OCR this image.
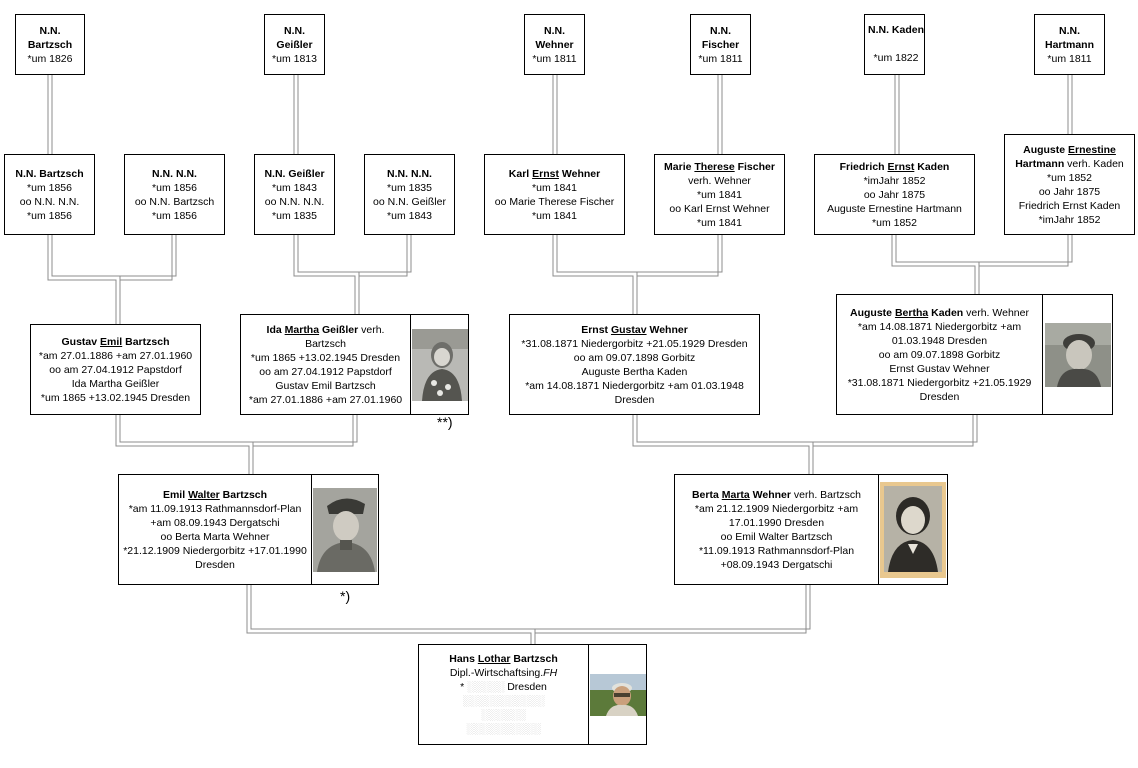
N.N.
Bartzsch
*um 1826
N.N.
Geißler
*um 1813
N.N.
Wehner
*um 1811
N.N.
Fischer
*um 1811
N.N. Kaden
*um 1822
N.N.
Hartmann
*um 1811
N.N. Bartzsch
*um 1856
oo N.N. N.N.
*um 1856
N.N. N.N.
*um 1856
oo N.N. Bartzsch
*um 1856
N.N. Geißler
*um 1843
oo N.N. N.N.
*um 1835
N.N. N.N.
*um 1835
oo N.N. Geißler
*um 1843
Karl Ernst Wehner
*um 1841
oo Marie Therese Fischer
*um 1841
Marie Therese Fischer
verh. Wehner
*um 1841
oo Karl Ernst Wehner
*um 1841
Friedrich Ernst Kaden
*imJahr 1852
oo Jahr 1875
Auguste Ernestine Hartmann
*um 1852
Auguste Ernestine
Hartmann verh. Kaden
*um 1852
oo Jahr 1875
Friedrich Ernst Kaden
*imJahr 1852
Gustav Emil Bartzsch
*am 27.01.1886 +am 27.01.1960
oo am 27.04.1912 Papstdorf
Ida Martha Geißler
*um 1865 +13.02.1945 Dresden
Ida Martha Geißler verh.
Bartzsch
*um 1865 +13.02.1945 Dresden
oo am 27.04.1912 Papstdorf
Gustav Emil Bartzsch
*am 27.01.1886 +am 27.01.1960
**)
Ernst Gustav Wehner
*31.08.1871 Niedergorbitz +21.05.1929 Dresden
oo am 09.07.1898 Gorbitz
Auguste Bertha Kaden
*am 14.08.1871 Niedergorbitz +am 01.03.1948
Dresden
Auguste Bertha Kaden verh. Wehner
*am 14.08.1871 Niedergorbitz +am
01.03.1948 Dresden
oo am 09.07.1898 Gorbitz
Ernst Gustav Wehner
*31.08.1871 Niedergorbitz +21.05.1929
Dresden
Emil Walter Bartzsch
*am 11.09.1913 Rathmannsdorf-Plan
+am 08.09.1943 Dergatschi
oo Berta Marta Wehner
*21.12.1909 Niedergorbitz +17.01.1990
Dresden
*)
Berta Marta Wehner verh. Bartzsch
*am 21.12.1909 Niedergorbitz +am
17.01.1990 Dresden
oo Emil Walter Bartzsch
*11.09.1913 Rathmannsdorf-Plan
+08.09.1943 Dergatschi
Hans Lothar Bartzsch
Dipl.-Wirtschaftsing.FH
* ░░░░░ Dresden
░░░░░░░░░░░
░░░░░░
░░░░░░░░░░
